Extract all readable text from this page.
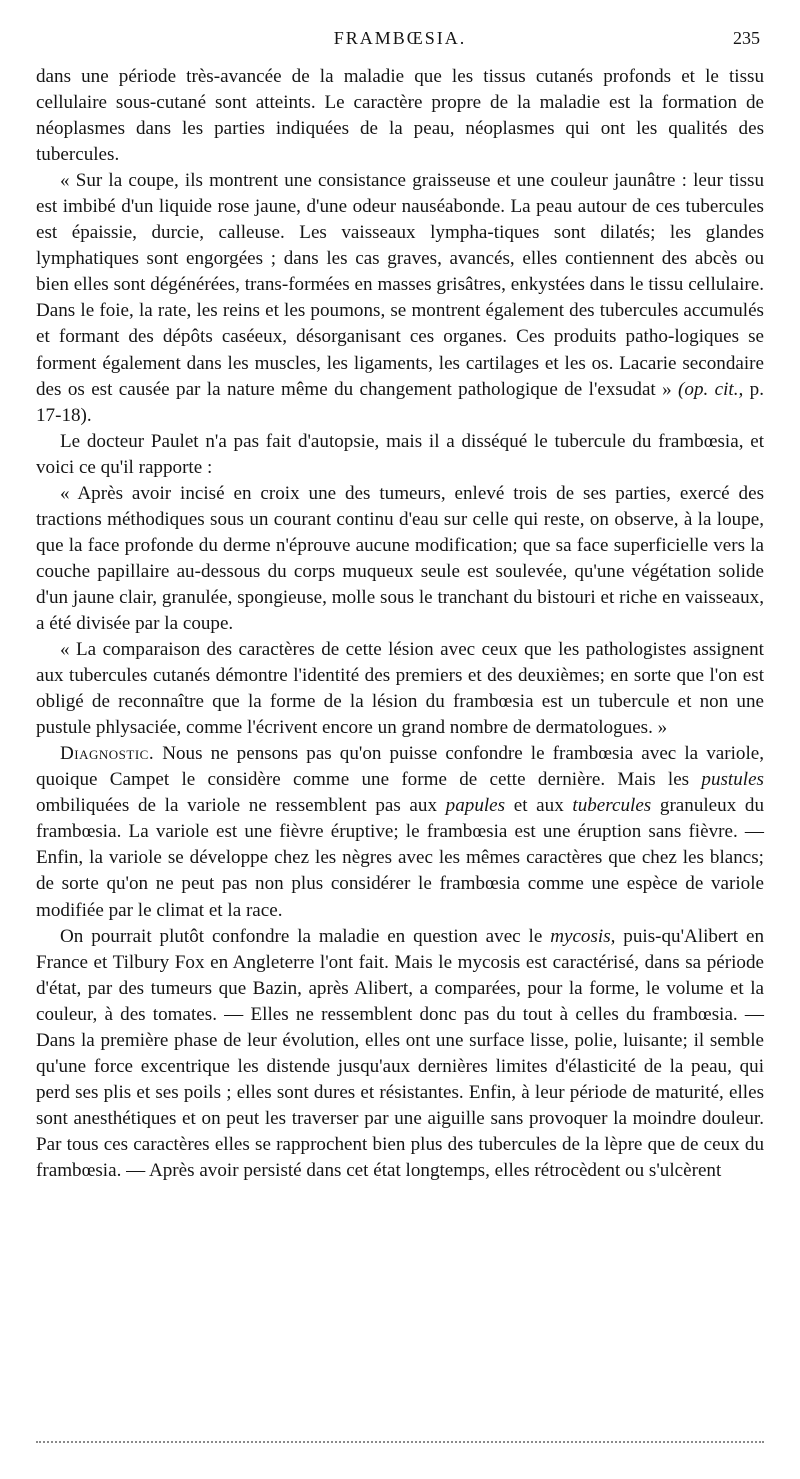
FRAMBŒSIA.	235

dans une période très-avancée de la maladie que les tissus cutanés profonds et le tissu cellulaire sous-cutané sont atteints. Le caractère propre de la maladie est la formation de néoplasmes dans les parties indiquées de la peau, néoplasmes qui ont les qualités des tubercules.

« Sur la coupe, ils montrent une consistance graisseuse et une couleur jaunâtre : leur tissu est imbibé d'un liquide rose jaune, d'une odeur nauséabonde. La peau autour de ces tubercules est épaissie, durcie, calleuse. Les vaisseaux lympha-tiques sont dilatés; les glandes lymphatiques sont engorgées ; dans les cas graves, avancés, elles contiennent des abcès ou bien elles sont dégénérées, trans-formées en masses grisâtres, enkystées dans le tissu cellulaire. Dans le foie, la rate, les reins et les poumons, se montrent également des tubercules accumulés et formant des dépôts caséeux, désorganisant ces organes. Ces produits patho-logiques se forment également dans les muscles, les ligaments, les cartilages et les os. Lacarie secondaire des os est causée par la nature même du changement pathologique de l'exsudat » (op. cit., p. 17-18).

Le docteur Paulet n'a pas fait d'autopsie, mais il a disséqué le tubercule du frambœsia, et voici ce qu'il rapporte :

« Après avoir incisé en croix une des tumeurs, enlevé trois de ses parties, exercé des tractions méthodiques sous un courant continu d'eau sur celle qui reste, on observe, à la loupe, que la face profonde du derme n'éprouve aucune modification; que sa face superficielle vers la couche papillaire au-dessous du corps muqueux seule est soulevée, qu'une végétation solide d'un jaune clair, granulée, spongieuse, molle sous le tranchant du bistouri et riche en vaisseaux, a été divisée par la coupe.

« La comparaison des caractères de cette lésion avec ceux que les pathologistes assignent aux tubercules cutanés démontre l'identité des premiers et des deuxièmes; en sorte que l'on est obligé de reconnaître que la forme de la lésion du frambœsia est un tubercule et non une pustule phlysaciée, comme l'écrivent encore un grand nombre de dermatologues. »

Diagnostic. Nous ne pensons pas qu'on puisse confondre le frambœsia avec la variole, quoique Campet le considère comme une forme de cette dernière. Mais les pustules ombiliquées de la variole ne ressemblent pas aux papules et aux tubercules granuleux du frambœsia. La variole est une fièvre éruptive; le frambœsia est une éruption sans fièvre. — Enfin, la variole se développe chez les nègres avec les mêmes caractères que chez les blancs; de sorte qu'on ne peut pas non plus considérer le frambœsia comme une espèce de variole modifiée par le climat et la race.

On pourrait plutôt confondre la maladie en question avec le mycosis, puis-qu'Alibert en France et Tilbury Fox en Angleterre l'ont fait. Mais le mycosis est caractérisé, dans sa période d'état, par des tumeurs que Bazin, après Alibert, a comparées, pour la forme, le volume et la couleur, à des tomates. — Elles ne ressemblent donc pas du tout à celles du frambœsia. — Dans la première phase de leur évolution, elles ont une surface lisse, polie, luisante; il semble qu'une force excentrique les distende jusqu'aux dernières limites d'élasticité de la peau, qui perd ses plis et ses poils ; elles sont dures et résistantes. Enfin, à leur période de maturité, elles sont anesthétiques et on peut les traverser par une aiguille sans provoquer la moindre douleur. Par tous ces caractères elles se rapprochent bien plus des tubercules de la lèpre que de ceux du frambœsia. — Après avoir persisté dans cet état longtemps, elles rétrocèdent ou s'ulcèrent
